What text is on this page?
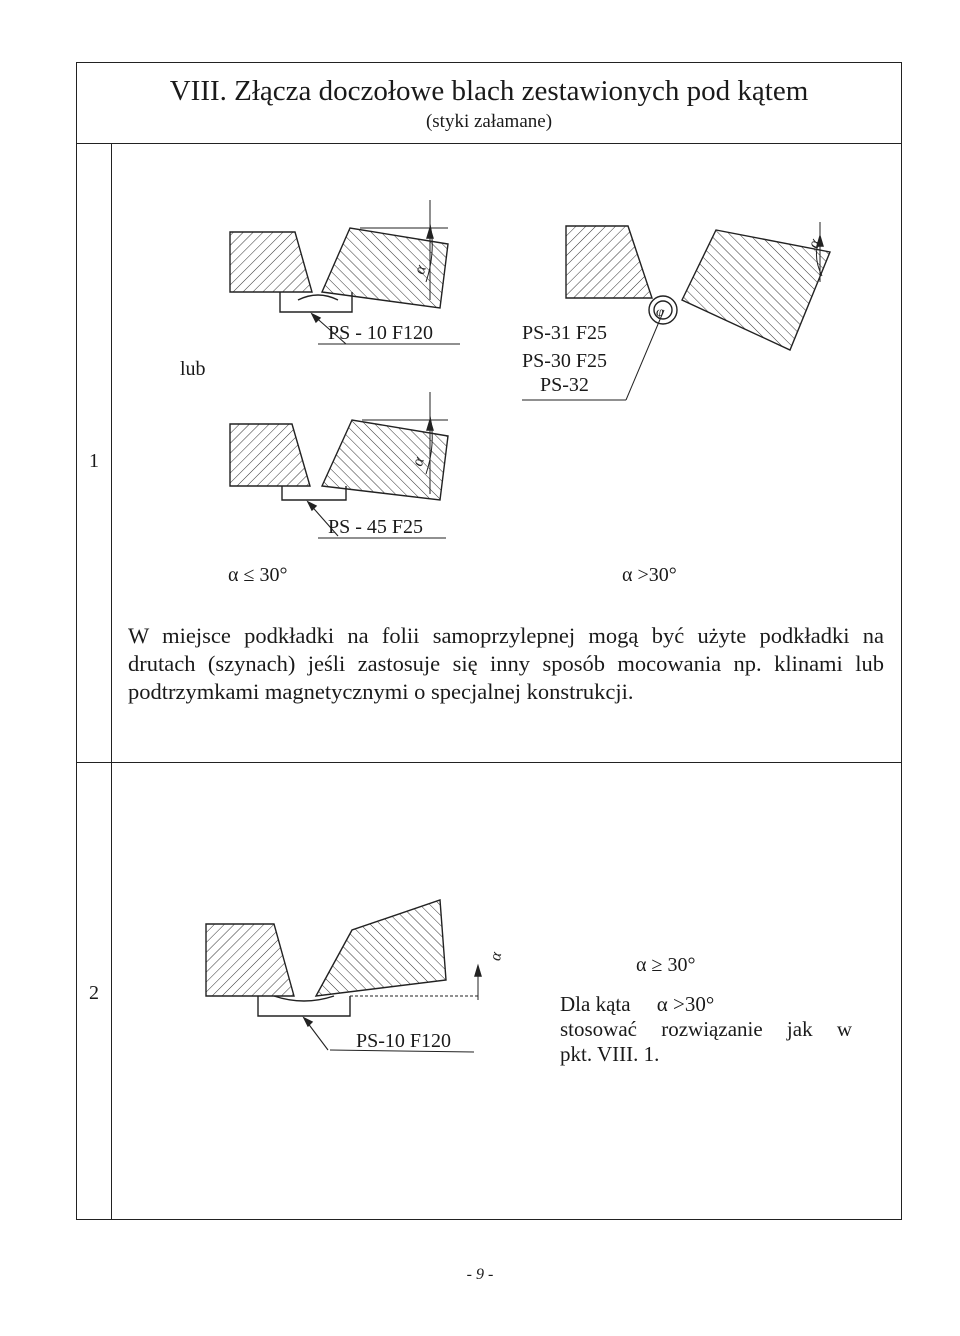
VIII. Złącza doczołowe blach zestawionych pod kątem
(styki załamane)
1
2
α
α
φ
α
α
lub
PS - 10 F120
PS - 45 F25
PS-31 F25
PS-30 F25
PS-32
α ≤ 30°	α >30°
W miejsce podkładki na folii samoprzylepnej mogą być użyte podkładki na
drutach (szynach) jeśli zastosuje się inny sposób mocowania np. klinami lub
podtrzymkami magnetycznymi o specjalnej konstrukcji.
PS-10 F120
α ≥ 30°
Dla kąta     α >30°
stosować rozwiązanie jak w
pkt. VIII. 1.
- 9 -
